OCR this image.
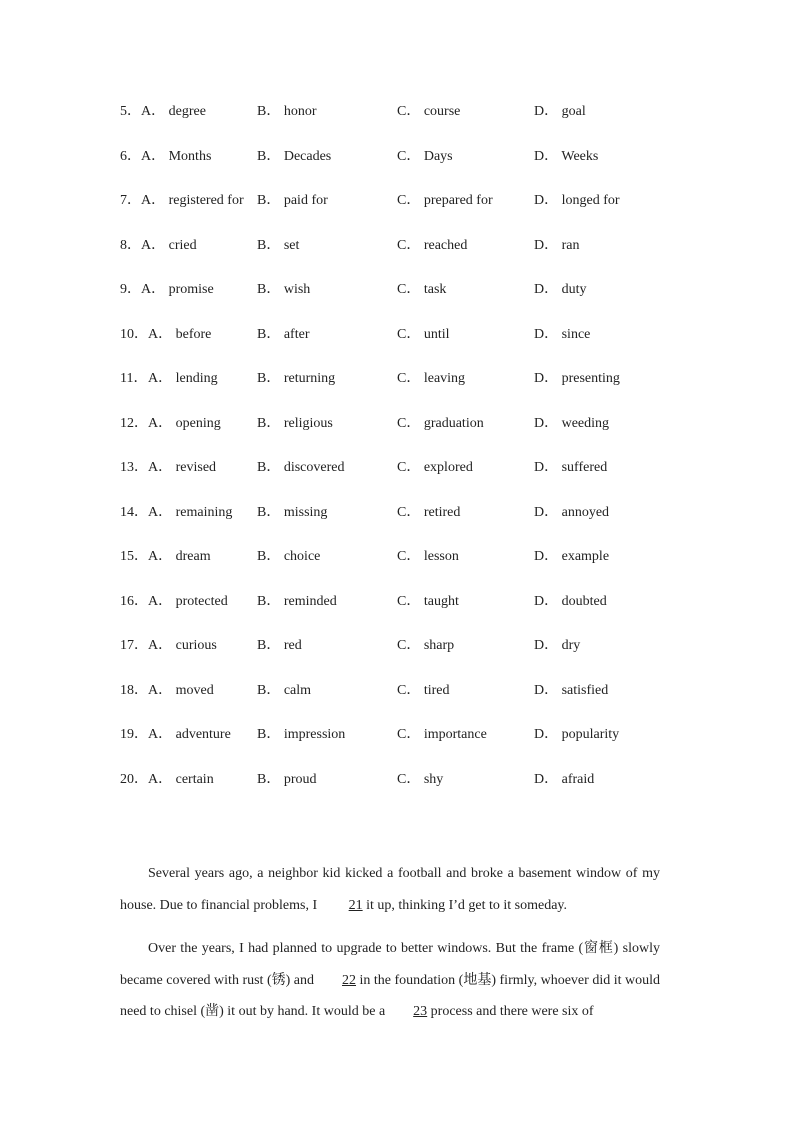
5． A． degree	B． honor	C． course	D． goal
6． A． Months	B． Decades	C． Days	D． Weeks
7． A． registered for B． paid for	C． prepared for	D． longed for
8． A． cried	B． set	C． reached	D． ran
9． A． promise	B． wish	C． task	D． duty
10． A． before	B． after	C． until	D． since
11． A． lending	B． returning	C． leaving	D． presenting
12． A． opening	B． religious	C． graduation	D． weeding
13． A． revised	B． discovered	C． explored	D． suffered
14． A． remaining B． missing	C． retired	D． annoyed
15． A． dream	B． choice	C． lesson	D． example
16． A． protected B． reminded	C． taught	D． doubted
17． A． curious	B． red	C． sharp	D． dry
18． A． moved	B． calm	C． tired	D． satisfied
19． A． adventure B． impression	C． importance	D． popularity
20． A． certain	B． proud	C． shy	D． afraid

Several years ago, a neighbor kid kicked a football and broke a basement window of my house. Due to financial problems, I 21 it up, thinking I’d get to it someday.

Over the years, I had planned to upgrade to better windows. But the frame (窗框) slowly became covered with rust (锈) and 22 in the foundation (地基) firmly, whoever did it would need to chisel (凿) it out by hand. It would be a 23 process and there were six of
